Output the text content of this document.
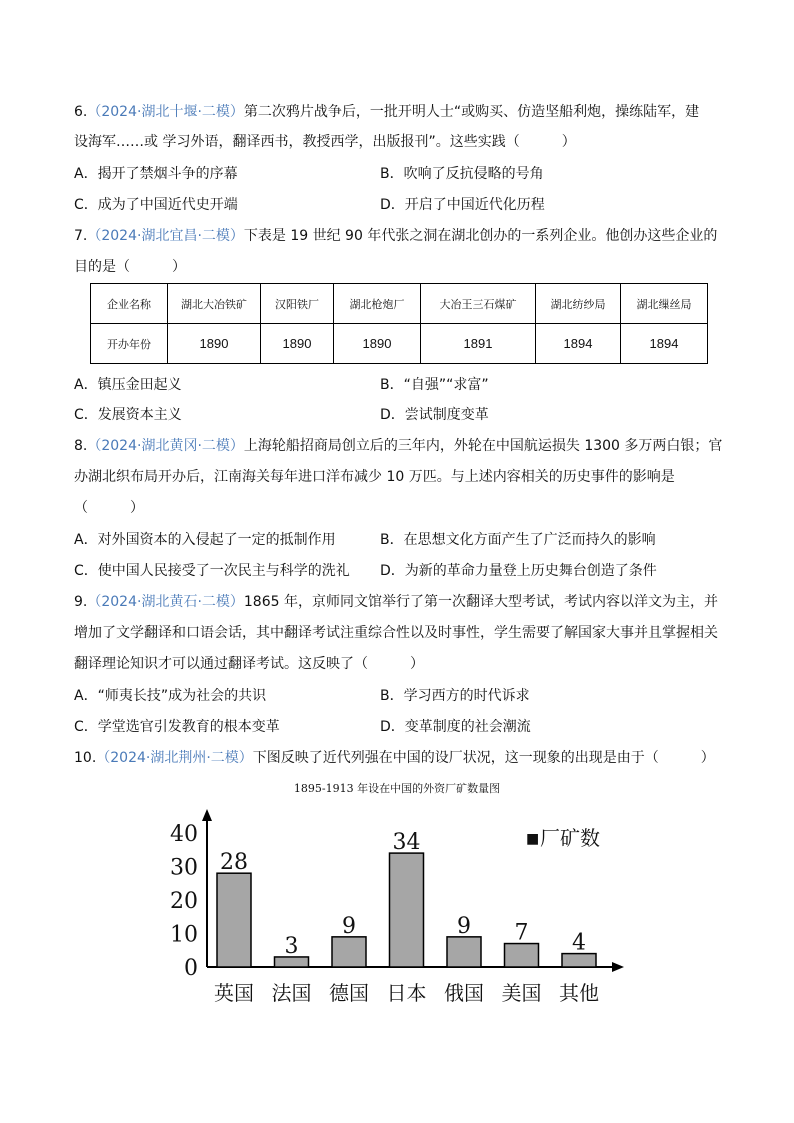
6.（2024·湖北十堰·二模）第二次鸦片战争后，一批开明人士“或购买、仿造坚船利炮，操练陆军，建
设海军……或 学习外语，翻译西书，教授西学，出版报刊”。这些实践（　　　）
A．揭开了禁烟斗争的序幕	B．吹响了反抗侵略的号角
C．成为了中国近代史开端	D．开启了中国近代化历程
7.（2024·湖北宜昌·二模）下表是 19 世纪 90 年代张之洞在湖北创办的一系列企业。他创办这些企业的
目的是（　　　）
企业名称	湖北大冶铁矿	汉阳铁厂	湖北枪炮厂	大冶王三石煤矿	湖北纺纱局	湖北缫丝局
开办年份	1890	1890	1890	1891	1894	1894
A．镇压金田起义	B．“自强”“求富”
C．发展资本主义	D．尝试制度变革
8.（2024·湖北黄冈·二模）上海轮船招商局创立后的三年内，外轮在中国航运损失 1300 多万两白银；官
办湖北织布局开办后，江南海关每年进口洋布减少 10 万匹。与上述内容相关的历史事件的影响是
（　　　）
A．对外国资本的入侵起了一定的抵制作用	B．在思想文化方面产生了广泛而持久的影响
C．使中国人民接受了一次民主与科学的洗礼 D．为新的革命力量登上历史舞台创造了条件
9.（2024·湖北黄石·二模）1865 年，京师同文馆举行了第一次翻译大型考试，考试内容以洋文为主，并
增加了文学翻译和口语会话，其中翻译考试注重综合性以及时事性，学生需要了解国家大事并且掌握相关
翻译理论知识才可以通过翻译考试。这反映了（　　　）
A．“师夷长技”成为社会的共识	B．学习西方的时代诉求
C．学堂选官引发教育的根本变革	D．变革制度的社会潮流
10.（2024·湖北荆州·二模）下图反映了近代列强在中国的设厂状况，这一现象的出现是由于（　　　）
1895-1913 年设在中国的外资厂矿数量图
0
10
20
30
40
28
英国
3
法国
9
德国
34
日本
9
俄国
7
美国
4
其他
■ 厂矿数
